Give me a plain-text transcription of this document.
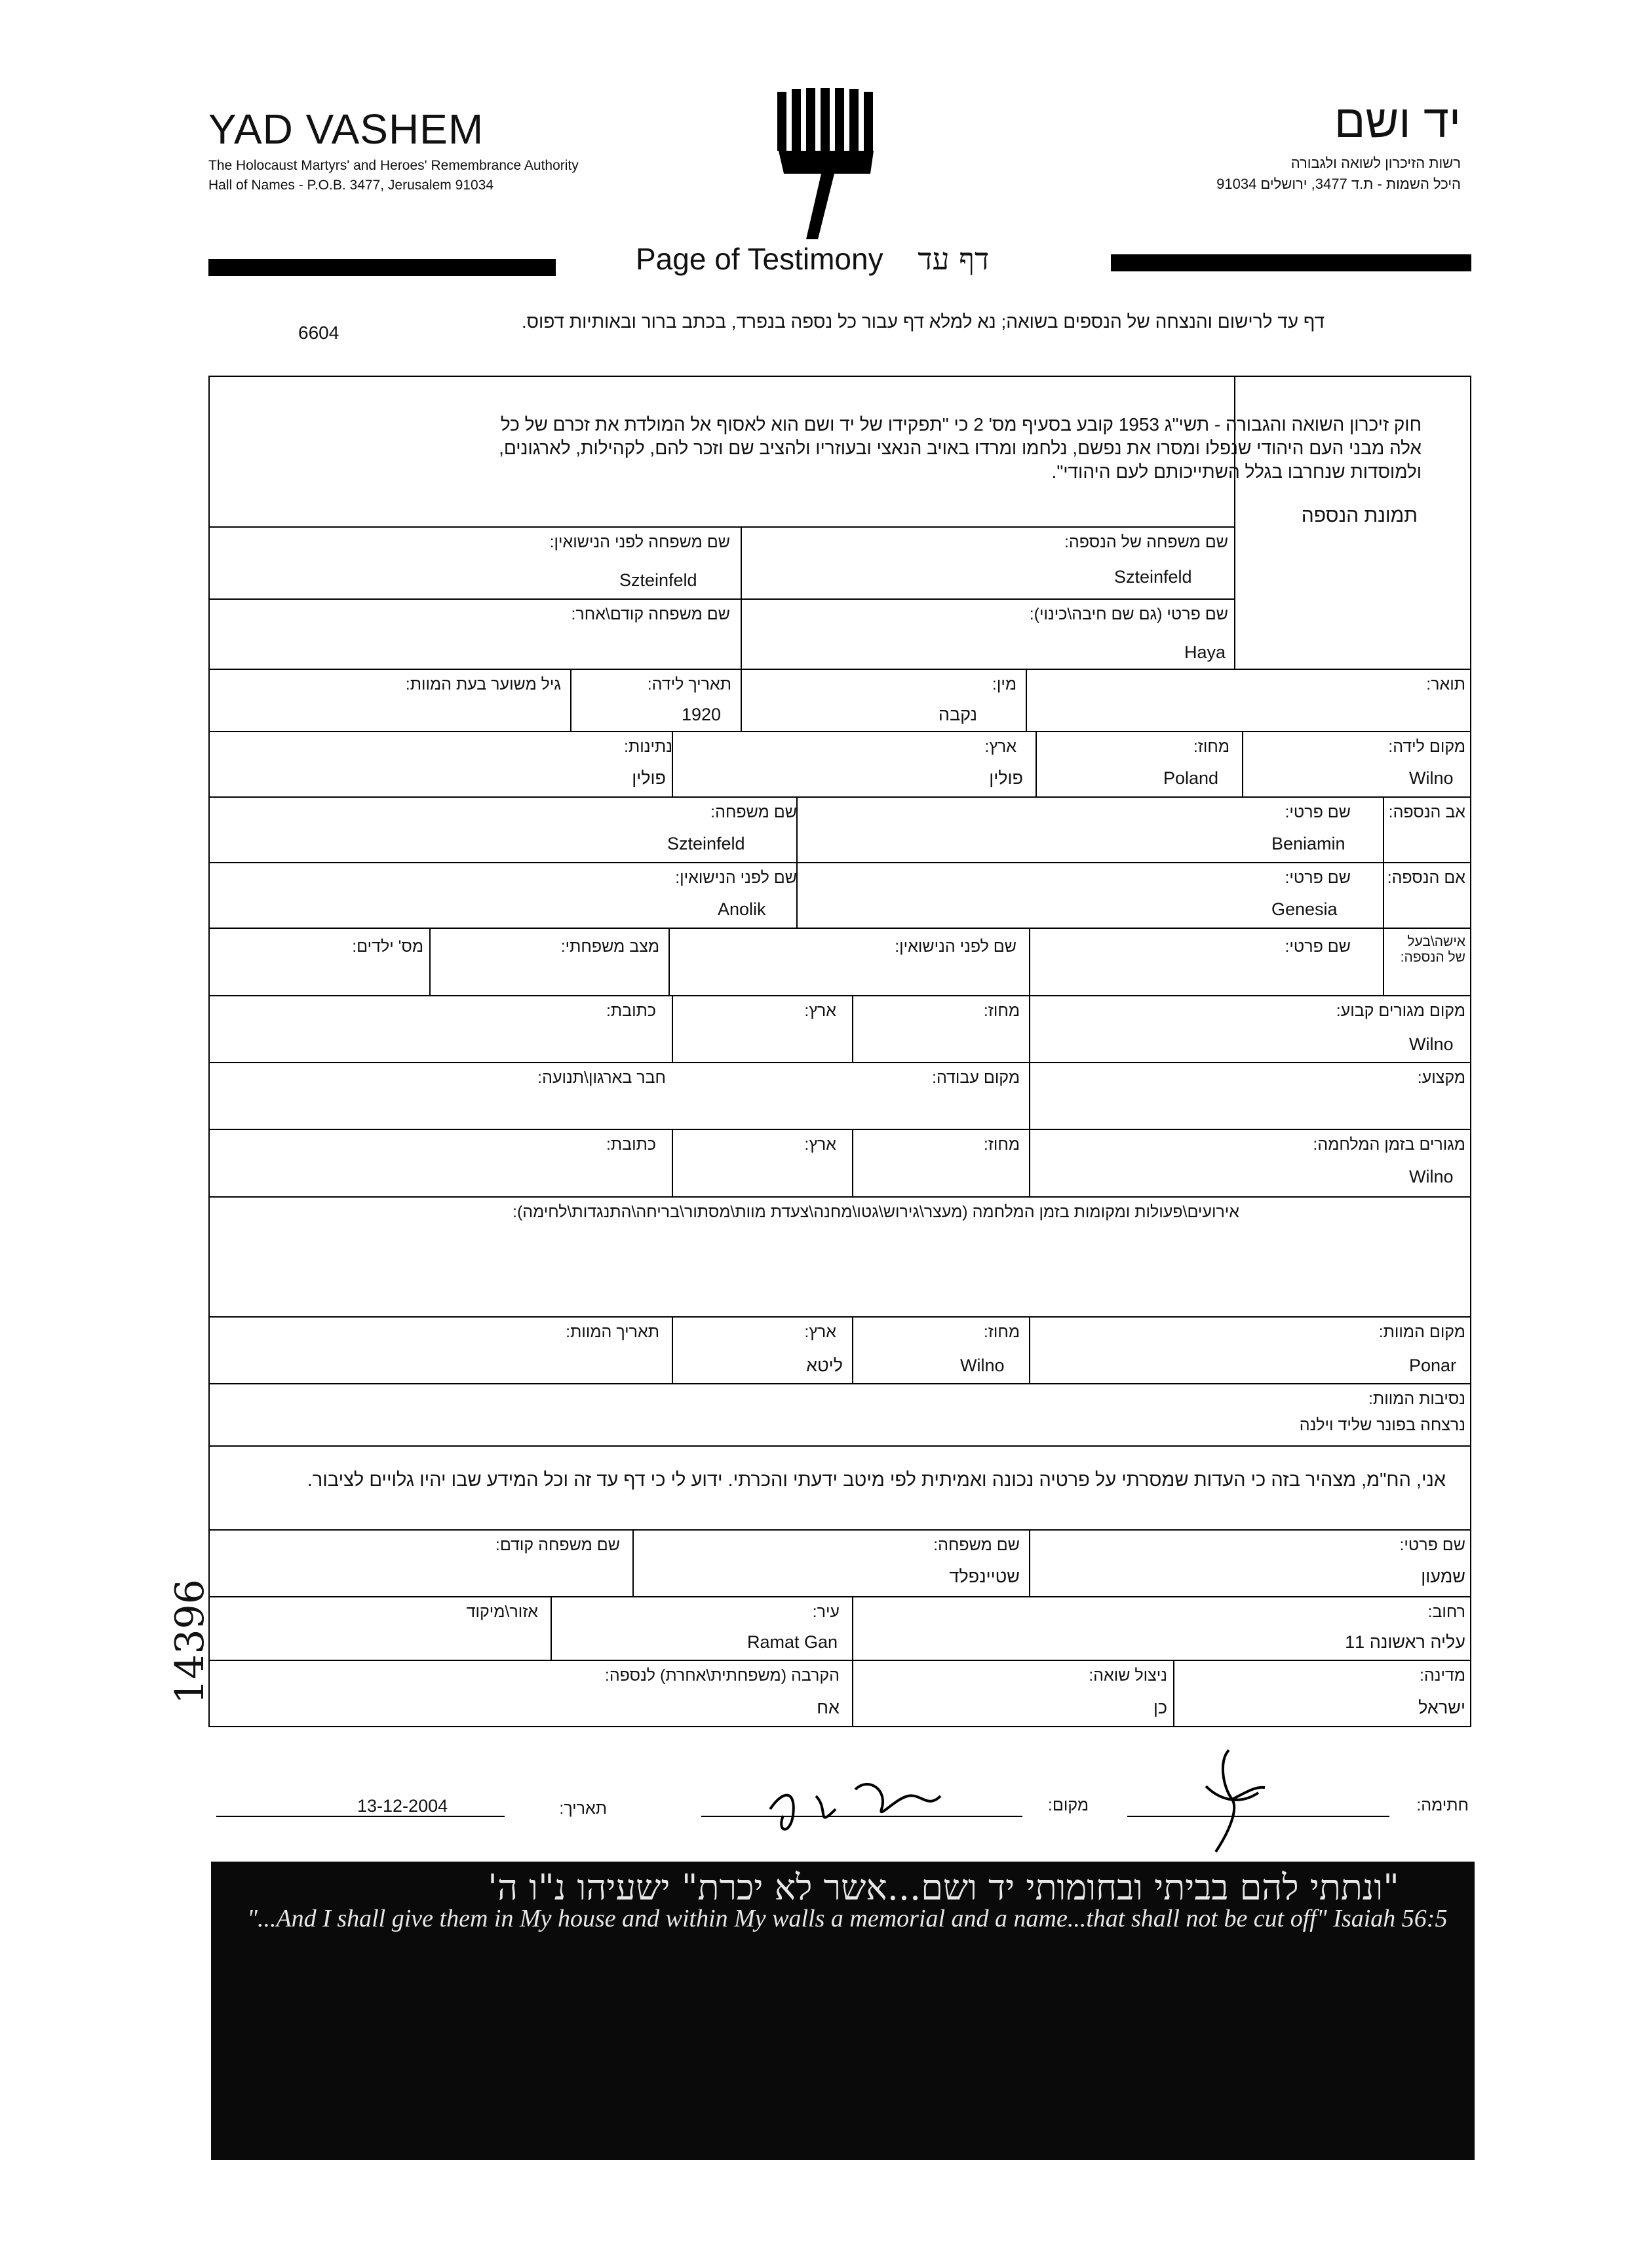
YAD VASHEM
The Holocaust Martyrs' and Heroes' Remembrance Authority
Hall of Names - P.O.B. 3477, Jerusalem 91034
יד ושם
רשות הזיכרון לשואה ולגבורה
היכל השמות - ת.ד 3477, ירושלים 91034
Page of Testimony דף עד
דף עד לרישום והנצחה של הנספים בשואה; נא למלא דף עבור כל נספה בנפרד, בכתב ברור ובאותיות דפוס.
6604
חוק זיכרון השואה והגבורה - תשי"ג 1953 קובע בסעיף מס' 2 כי "תפקידו של יד ושם הוא לאסוף אל המולדת את זכרם של כל אלה מבני העם היהודי שנפלו ומסרו את נפשם, נלחמו ומרדו באויב הנאצי ובעוזריו ולהציב שם וזכר להם, לקהילות, לארגונים, ולמוסדות שנחרבו בגלל השתייכותם לעם היהודי".
תמונת הנספה
שם משפחה של הנספה:
Szteinfeld
שם משפחה לפני הנישואין:
Szteinfeld
שם פרטי (גם שם חיבה\כינוי):
Haya
שם משפחה קודם\אחר:
תואר:
מין:
נקבה
תאריך לידה:
1920
גיל משוער בעת המוות:
מקום לידה:
Wilno
מחוז:
Poland
ארץ:
פולין
נתינות:
פולין
אב הנספה:
שם פרטי:
Beniamin
שם משפחה:
Szteinfeld
אם הנספה:
שם פרטי:
Genesia
שם לפני הנישואין:
Anolik
אישה\בעל
של הנספה:
שם פרטי:
שם לפני הנישואין:
מצב משפחתי:
מס' ילדים:
מקום מגורים קבוע:
Wilno
מחוז:
ארץ:
כתובת:
מקצוע:
מקום עבודה:
חבר בארגון\תנועה:
מגורים בזמן המלחמה:
Wilno
מחוז:
ארץ:
כתובת:
אירועים\פעולות ומקומות בזמן המלחמה (מעצר\גירוש\גטו\מחנה\צעדת מוות\מסתור\בריחה\התנגדות\לחימה):
מקום המוות:
Ponar
מחוז:
Wilno
ארץ:
ליטא
תאריך המוות:
נסיבות המוות:
נרצחה בפונר שליד וילנה
אני, הח"מ, מצהיר בזה כי העדות שמסרתי על פרטיה נכונה ואמיתית לפי מיטב ידעתי והכרתי. ידוע לי כי דף עד זה וכל המידע שבו יהיו גלויים לציבור.
שם פרטי:
שמעון
שם משפחה:
שטיינפלד
שם משפחה קודם:
רחוב:
עליה ראשונה 11
עיר:
Ramat Gan
אזור\מיקוד
מדינה:
ישראל
ניצול שואה:
כן
הקרבה (משפחתית\אחרת) לנספה:
אח
14396
חתימה:
מקום:
תאריך:
13-12-2004
"ונתתי להם בביתי ובחומותי יד ושם...אשר לא יכרת" ישעיהו נ"ו ה'
"...And I shall give them in My house and within My walls a memorial and a name...that shall not be cut off" Isaiah 56:5
